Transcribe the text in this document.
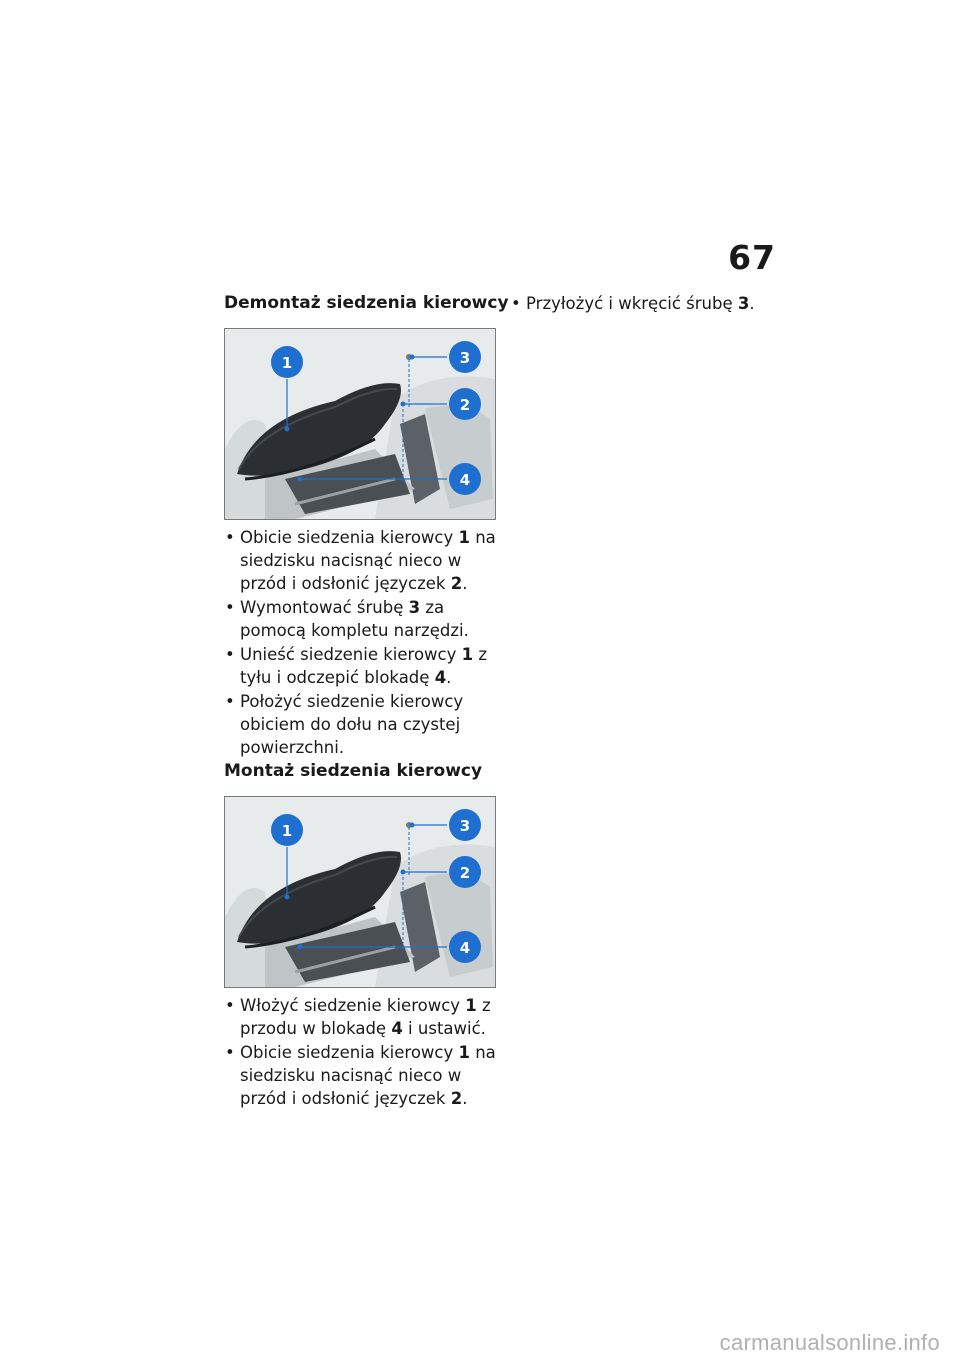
67
Demontaż siedzenia kierowcy
1	3
2
4
• Obicie siedzenia kierowcy 1 na siedzisku nacisnąć nieco w przód i odsłonić języczek 2.
• Wymontować śrubę 3 za pomocą kompletu narzędzi.
• Unieść siedzenie kierowcy 1 z tyłu i odczepić blokadę 4.
• Położyć siedzenie kierowcy obiciem do dołu na czystej powierzchni.
Montaż siedzenia kierowcy
1	3
2
4
• Włożyć siedzenie kierowcy 1 z przodu w blokadę 4 i ustawić.
• Obicie siedzenia kierowcy 1 na siedzisku nacisnąć nieco w przód i odsłonić języczek 2.
• Przyłożyć i wkręcić śrubę 3.
carmanualsonline.info
